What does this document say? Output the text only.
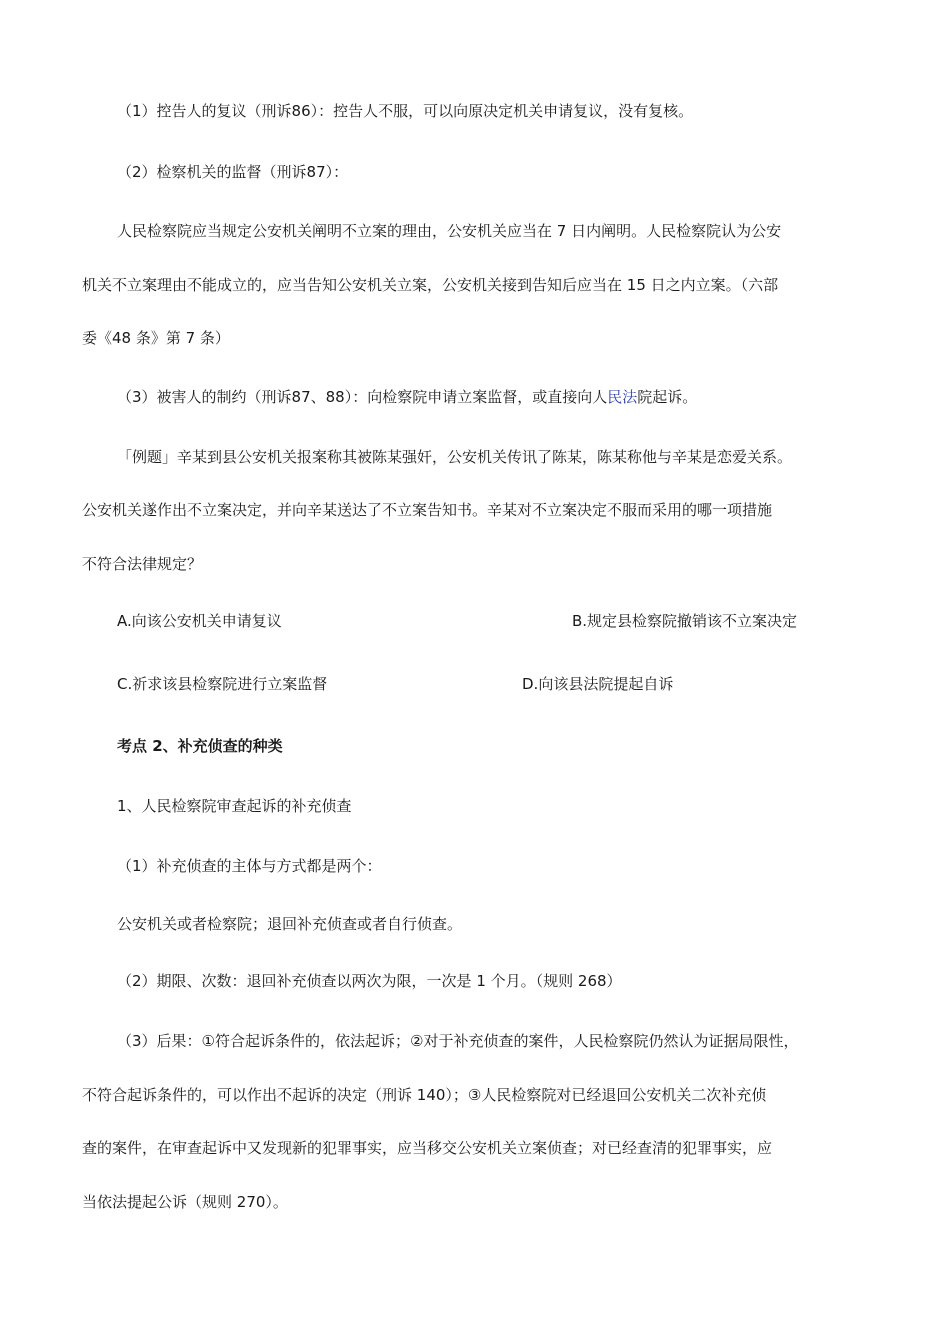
（1）控告人的复议（刑诉86）：控告人不服，可以向原决定机关申请复议，没有复核。
（2）检察机关的监督（刑诉87）：
人民检察院应当规定公安机关阐明不立案的理由，公安机关应当在 7 日内阐明。人民检察院认为公安
机关不立案理由不能成立的，应当告知公安机关立案，公安机关接到告知后应当在 15 日之内立案。（六部
委《48 条》第 7 条）
（3）被害人的制约（刑诉87、88）：向检察院申请立案监督，或直接向人民法院起诉。
「例题」辛某到县公安机关报案称其被陈某强奸，公安机关传讯了陈某，陈某称他与辛某是恋爱关系。
公安机关遂作出不立案决定，并向辛某送达了不立案告知书。辛某对不立案决定不服而采用的哪一项措施
不符合法律规定？
A.向该公安机关申请复议	B.规定县检察院撤销该不立案决定
C.祈求该县检察院进行立案监督	D.向该县法院提起自诉
考点 2、补充侦查的种类
1、人民检察院审查起诉的补充侦查
（1）补充侦查的主体与方式都是两个：
公安机关或者检察院；退回补充侦查或者自行侦查。
（2）期限、次数：退回补充侦查以两次为限，一次是 1 个月。（规则 268）
（3）后果：①符合起诉条件的，依法起诉；②对于补充侦查的案件，人民检察院仍然认为证据局限性，
不符合起诉条件的，可以作出不起诉的决定（刑诉 140）；③人民检察院对已经退回公安机关二次补充侦
查的案件，在审查起诉中又发现新的犯罪事实，应当移交公安机关立案侦查；对已经查清的犯罪事实，应
当依法提起公诉（规则 270）。
